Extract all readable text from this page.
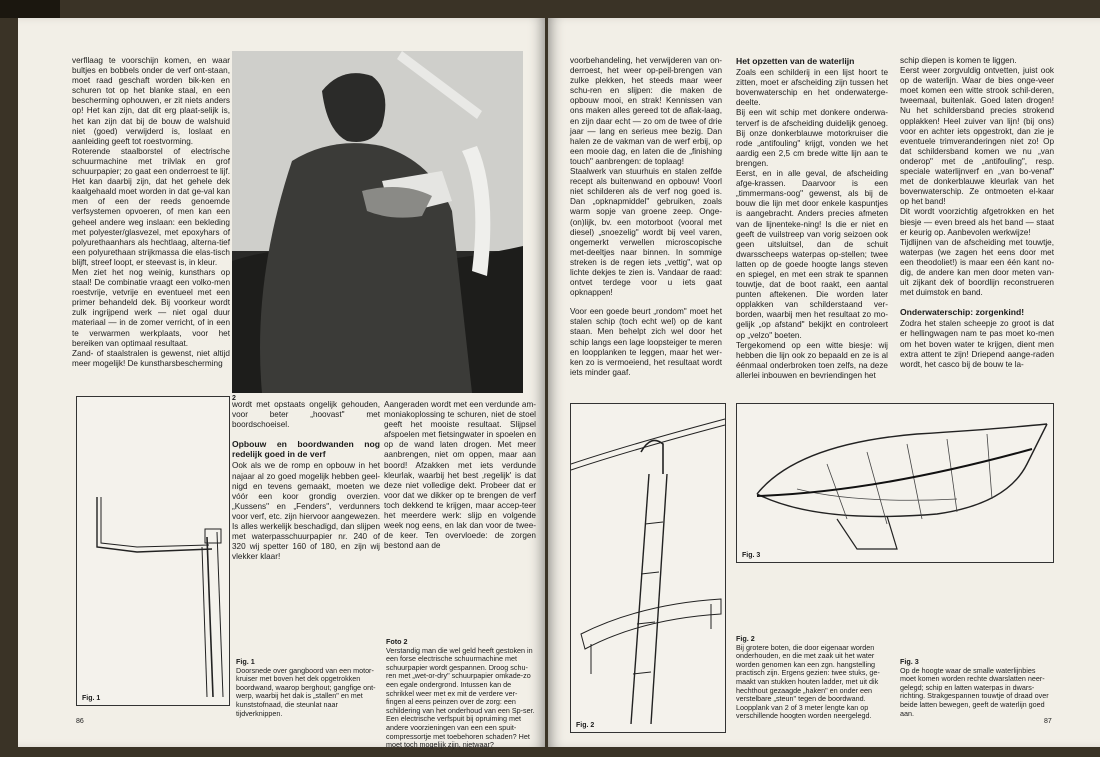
verfllaag te voorschijn komen, en waar bultjes en bobbels onder de verf ont-staan, moet raad geschaft worden bik-ken en schuren tot op het blanke staal, en een bescherming ophouwen, er zit niets anders op! Het kan zijn, dat dit erg plaat-selijk is, het kan zijn dat bij de bouw de walshuid niet (goed) verwijderd is, loslaat en aanleiding geeft tot roestvorming.

Roterende staalborstel of electrische schuurmachine met trilvlak en grof schuurpapier; zo gaat een onderroest te lijf. Het kan daarbij zijn, dat het gehele dek kaalgehaald moet worden in dat ge-val kan men of een der reeds genoemde verfsystemen opvoeren, of men kan een geheel andere weg inslaan: een bekleding met polyester/glasvezel, met epoxyhars of polyurethaanhars als hechtlaag, alterna-tief een polyurethaan strijkmassa die elas-tisch blijft, streef loopt, er steevast is, in kleur.

Men ziet het nog weinig, kunsthars op staal! De combinatie vraagt een volko-men roestvrije, vetvrije en eventueel met een primer behandeld dek. Bij voorkeur wordt zulk ingrijpend werk — niet ogal duur materiaal — in de zomer verricht, of in een te verwarmen werkplaats, voor het bereiken van optimaal resultaat.

Zand- of staalstralen is gewenst, niet altijd meer mogelijk! De kunstharsbescherming

2

wordt met opstaats ongelijk gehouden, voor beter „hoovast" met boordschoeisel.

Opbouw en boordwanden nog redelijk goed in de verf

Ook als we de romp en opbouw in het najaar al zo goed mogelijk hebben geel-nigd en tevens gemaakt, moeten we vóór een koor grondig overzien. „Kussens" en „Fenders", verdunners voor verf, etc. zijn hiervoor aangewezen. Is alles werkelijk beschadigd, dan slijpen met waterpasschuurpapier nr. 240 of 320 wij spetter 160 of 180, en zijn wij vlekker klaar!

Aangeraden wordt met een verdunde am-moniakoplossing te schuren, niet de stoel geeft het mooiste resultaat. Slijpsel afspoelen met fietsingwater in spoelen en op de wand laten drogen. Met meer aanbrengen, niet om oppen, maar aan boord! Afzakken met iets verdunde kleurlak, waarbij het best ‚regelijk' is dat deze niet volledige dekt. Probeer dat er voor dat we dikker op te brengen de verf toch dekkend te krijgen, maar accep-teer het meerdere werk: slijp en volgende week nog eens, en lak dan voor de twee-de keer. Ten overvloede: de zorgen bestond aan de

Fig. 1
Fig. 1
Doorsnede over gangboord van een motor-kruiser met boven het dek opgetrokken boordwand, waarop berghout; gangfige ont-werp, waarbij het dak is „stallen" en met kunststofnaad, die steunlat naar tijdverknippen.
Foto 2
Verstandig man die wel geld heeft gestoken in een forse electrische schuurmachine met schuurpapier wordt gespannen. Droog schu-ren met „wet-or-dry" schuurpapier omkade-zo een egale ondergrond. Intussen kan de schrikkel weer met ex mit de verdere ver-fingen al eens peinzen over de zorg: een schildering van het onderhoud van een Sp-ser. Een electrische verfspuit bij opruiming met andere voorzieningen van een een spuit-compressortje met toebehoren schaden? Het moet toch mogelijk zijn, nietwaar?
86

voorbehandeling, het verwijderen van on-derroest, het weer op-peil-brengen van zulke plekken, het steeds maar weer schu-ren en slijpen: die maken de opbouw mooi, en strak! Kennissen van ons maken alles gereed tot de aflak-laag, en zijn daar echt — zo om de twee of drie jaar — lang en serieus mee bezig. Dan halen ze de vakman van de werf erbij, op een mooie dag, en laten die de „finishing touch" aanbrengen: de toplaag!

Staalwerk van stuurhuis en stalen zelfde recept als buitenwand en opbouw! Voorl niet schilderen als de verf nog goed is. Dan „opknapmiddel" gebruiken, zoals warm sopje van groene zeep. Onge-(on)lijk, bv. een motorboot (vooral met diesel) „snoezelig" wordt bij veel varen, ongemerkt verwellen microscopische met-deeltjes naar binnen. In sommige streken is de regen iets „vettig", wat op lichte dekjes te zien is. Vandaar de raad: ontvet terdege voor u iets gaat opknappen!

Voor een goede beurt „rondom" moet het stalen schip (toch echt wel) op de kant staan. Men behelpt zich wel door het schip langs een lage loopsteiger te meren en loopplanken te leggen, maar het wer-ken zo is vermoeiend, het resultaat wordt iets minder gaaf.

Het opzetten van de waterlijn

Zoals een schilderij in een lijst hoort te zitten, moet er afscheiding zijn tussen het bovenwaterschip en het onderwaterge-deelte.

Bij een wit schip met donkere onderwa-terverf is de afscheiding duidelijk genoeg. Bij onze donkerblauwe motorkruiser die rode „antifouling" krijgt, vonden we het aardig een 2,5 cm brede witte lijn aan te brengen.

Eerst, en in alle geval, de afscheiding afge-krassen. Daarvoor is een „timmermans-oog" gewenst, als bij de bouw die lijn met door enkele kaspuntjes is aangebracht. Anders precies afmeten van de lijnenteke-ning! Is die er niet en geeft de vuilstreep van vorig seizoen ook geen uitsluitsel, dan de schuit dwarsscheeps waterpas op-stellen; twee latten op de goede hoogte langs steven en spiegel, en met een strak te spannen touwtje, dat de boot raakt, een aantal punten aftekenen. Die worden later opplakken van schilderstaand ver-borden, waarbij men het resultaat zo mo-gelijk „op afstand" bekijkt en controleert op „velzo" boeten.

Tergekomend op een witte biesje: wij hebben die lijn ook zo bepaald en ze is al éénmaal onderbroken toen zelfs, na deze allerlei inbouwen en bevriendingen het

schip diepen is komen te liggen.

Eerst weer zorgvuldig ontvetten, juist ook op de waterlijn. Waar de bies onge-veer moet komen een witte strook schil-deren, tweemaal, buitenlak. Goed laten drogen! Nu het schildersband precies strokend opplakken! Heel zuiver van lijn! (bij ons) voor en achter iets opgestrokt, dan zie je eventuele trimveranderingen niet zo! Op dat schildersband komen we nu „van onderop" met de „antifouling", resp. speciale waterlijnverf en „van bo-venaf" met de donkerblauwe kleurlak van het bovenwaterschip. Ze ontmoeten el-kaar op het band!

Dit wordt voorzichtig afgetrokken en het biesje — even breed als het band — staat er keurig op. Aanbevolen werkwijze!

Tijdlijnen van de afscheiding met touwtje, waterpas (we zagen het eens door met een theodoliet!) is maar een één kant no-dig, de andere kan men door meten van-uit zijkant dek of boordlijn reconstrueren met duimstok en band.

Onderwaterschip: zorgenkind!

Zodra het stalen scheepje zo groot is dat er hellingwagen nam te pas moet ko-men om het boven water te krijgen, dient men extra attent te zijn! Driepend aange-raden wordt, het casco bij de bouw te la-

Fig. 2
Fig. 3
Fig. 2
Bij grotere boten, die door eigenaar worden onderhouden, en die met zaak uit het water worden genomen kan een zgn. hangstelling practisch zijn. Ergens gezien: twee stuks, ge-maakt van stukken houten ladder, met uit dik hechthout gezaagde „haken" en onder een verstelbare „steun" tegen de boordwand. Loopplank van 2 of 3 meter lengte kan op verschillende hoogten worden neergelegd.
Fig. 3
Op de hoogte waar de smalle waterlijnbies moet komen worden rechte dwarslatten neer-gelegd; schip en latten waterpas in dwars-richting. Strakgespannen touwtje of draad over beide latten bewegen, geeft de waterlijn goed aan.
87
